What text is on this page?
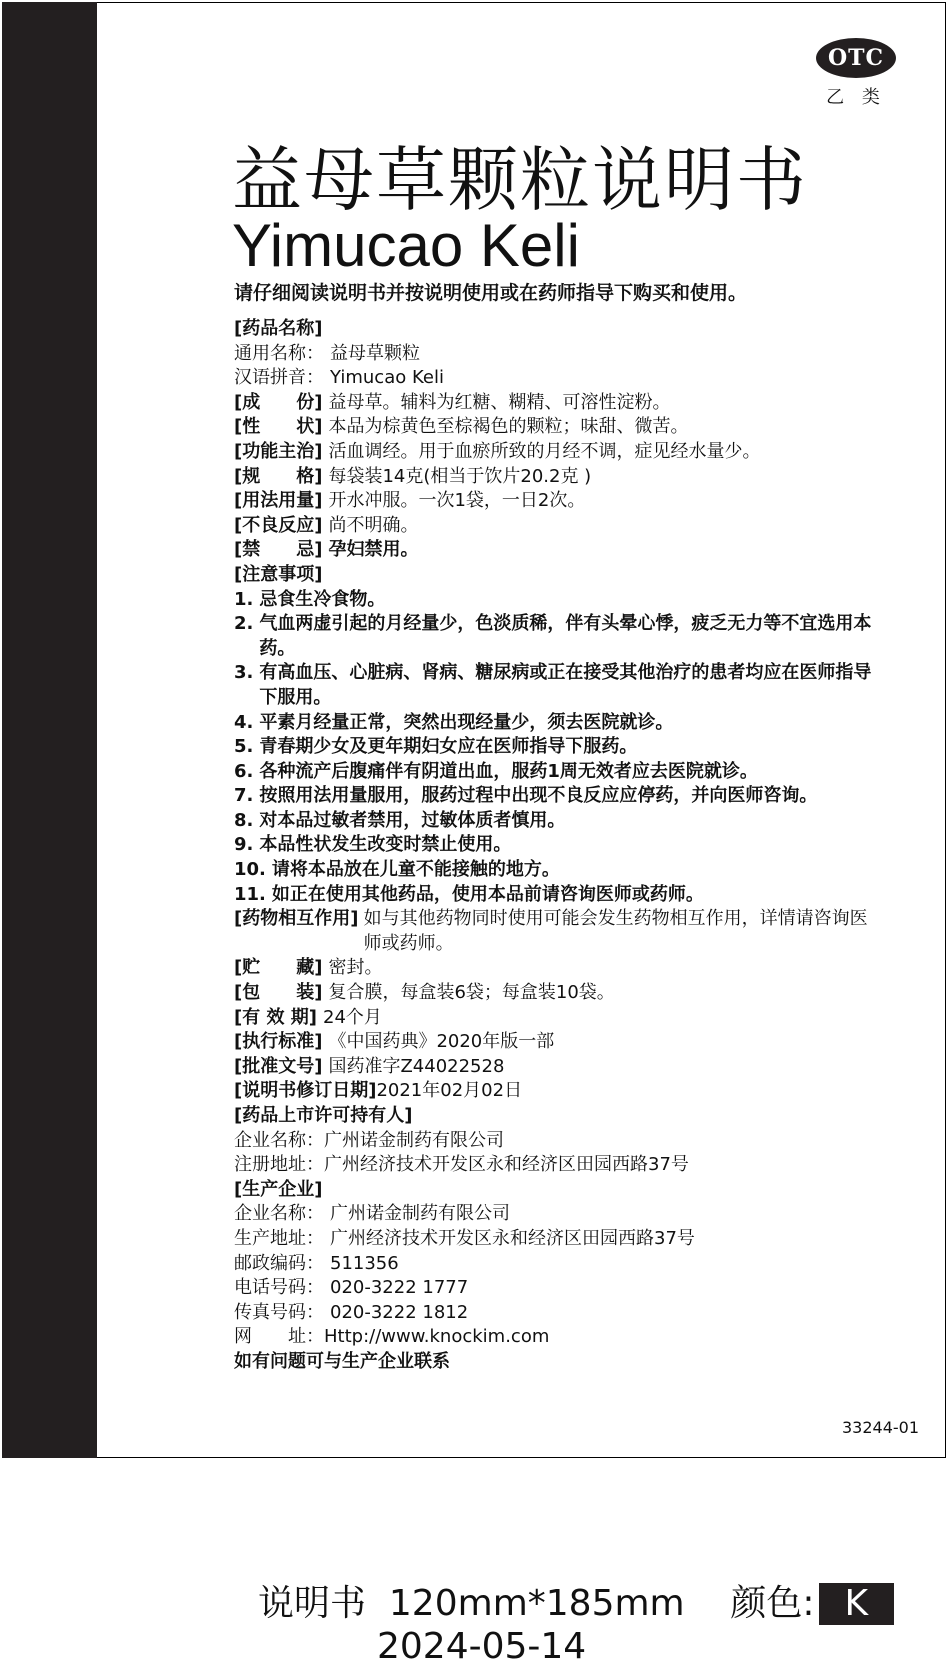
OTC
乙 类
益母草颗粒说明书
Yimucao Keli
请仔细阅读说明书并按说明使用或在药师指导下购买和使用。
[药品名称]
通用名称： 益母草颗粒
汉语拼音： Yimucao Keli
[成　　份] 益母草。辅料为红糖、糊精、可溶性淀粉。
[性　　状] 本品为棕黄色至棕褐色的颗粒；味甜、微苦。
[功能主治] 活血调经。用于血瘀所致的月经不调，症见经水量少。
[规　　格] 每袋装14克(相当于饮片20.2克 )
[用法用量] 开水冲服。一次1袋，一日2次。
[不良反应] 尚不明确。
[禁　　忌] 孕妇禁用。
[注意事项]
1. 忌食生冷食物。
2. 气血两虚引起的月经量少，色淡质稀，伴有头晕心悸，疲乏无力等不宜选用本药。
3. 有高血压、心脏病、肾病、糖尿病或正在接受其他治疗的患者均应在医师指导下服用。
4. 平素月经量正常，突然出现经量少，须去医院就诊。
5. 青春期少女及更年期妇女应在医师指导下服药。
6. 各种流产后腹痛伴有阴道出血，服药1周无效者应去医院就诊。
7. 按照用法用量服用，服药过程中出现不良反应应停药，并向医师咨询。
8. 对本品过敏者禁用，过敏体质者慎用。
9. 本品性状发生改变时禁止使用。
10. 请将本品放在儿童不能接触的地方。
11. 如正在使用其他药品，使用本品前请咨询医师或药师。
[药物相互作用] 如与其他药物同时使用可能会发生药物相互作用，详情请咨询医师或药师。
[贮　　藏] 密封。
[包　　装] 复合膜，每盒装6袋；每盒装10袋。
[有 效 期] 24个月
[执行标准] 《中国药典》2020年版一部
[批准文号] 国药准字Z44022528
[说明书修订日期]2021年02月02日
[药品上市许可持有人]
企业名称：广州诺金制药有限公司
注册地址：广州经济技术开发区永和经济区田园西路37号
[生产企业]
企业名称： 广州诺金制药有限公司
生产地址： 广州经济技术开发区永和经济区田园西路37号
邮政编码： 511356
电话号码： 020-3222 1777
传真号码： 020-3222 1812
网　　址：Http://www.knockim.com
如有问题可与生产企业联系
33244-01
说明书 120mm*185mm 颜色: K
2024-05-14
